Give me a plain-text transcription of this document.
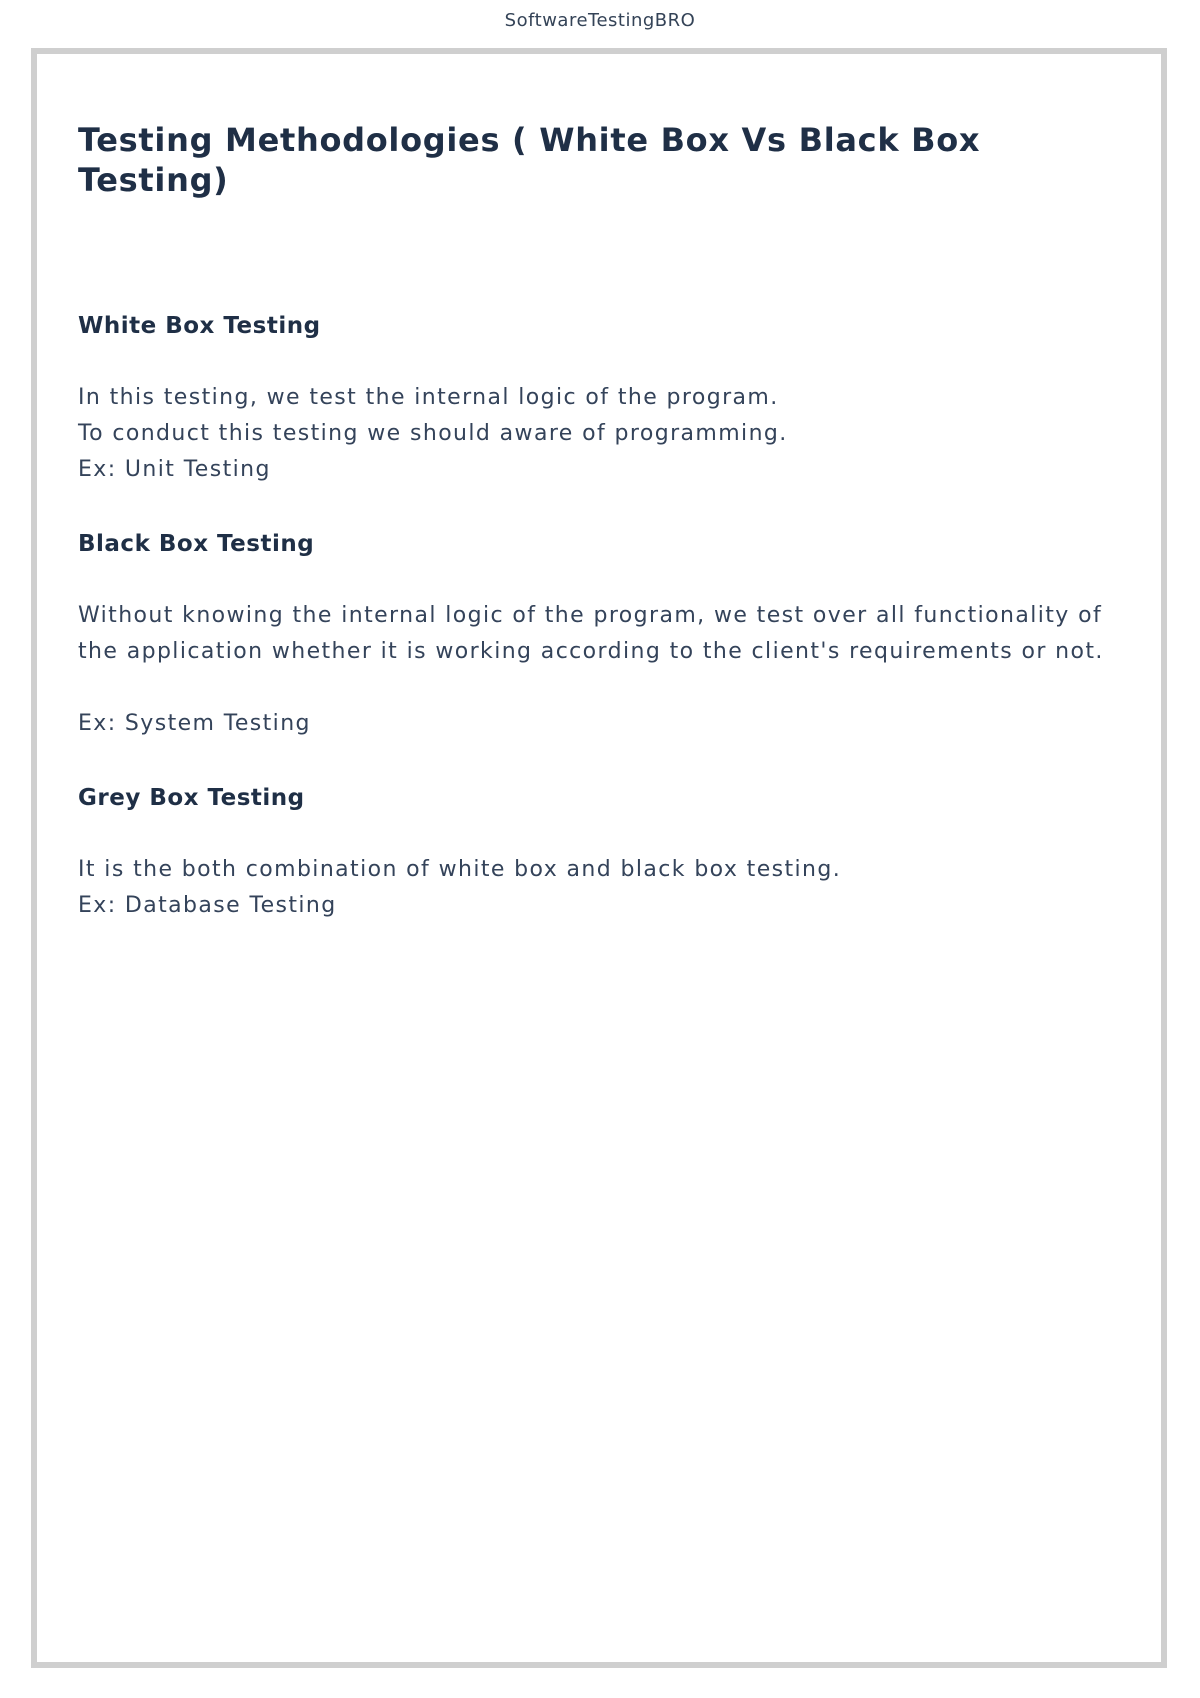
SoftwareTestingBRO
Testing Methodologies ( White Box Vs Black Box Testing)
White Box Testing

In this testing, we test the internal logic of the program.

To conduct this testing we should aware of programming.

Ex: Unit Testing

Black Box Testing

Without knowing the internal logic of the program, we test over all functionality of

the application whether it is working according to the client's requirements or not.

Ex: System Testing

Grey Box Testing

It is the both combination of white box and black box testing.

Ex: Database Testing
